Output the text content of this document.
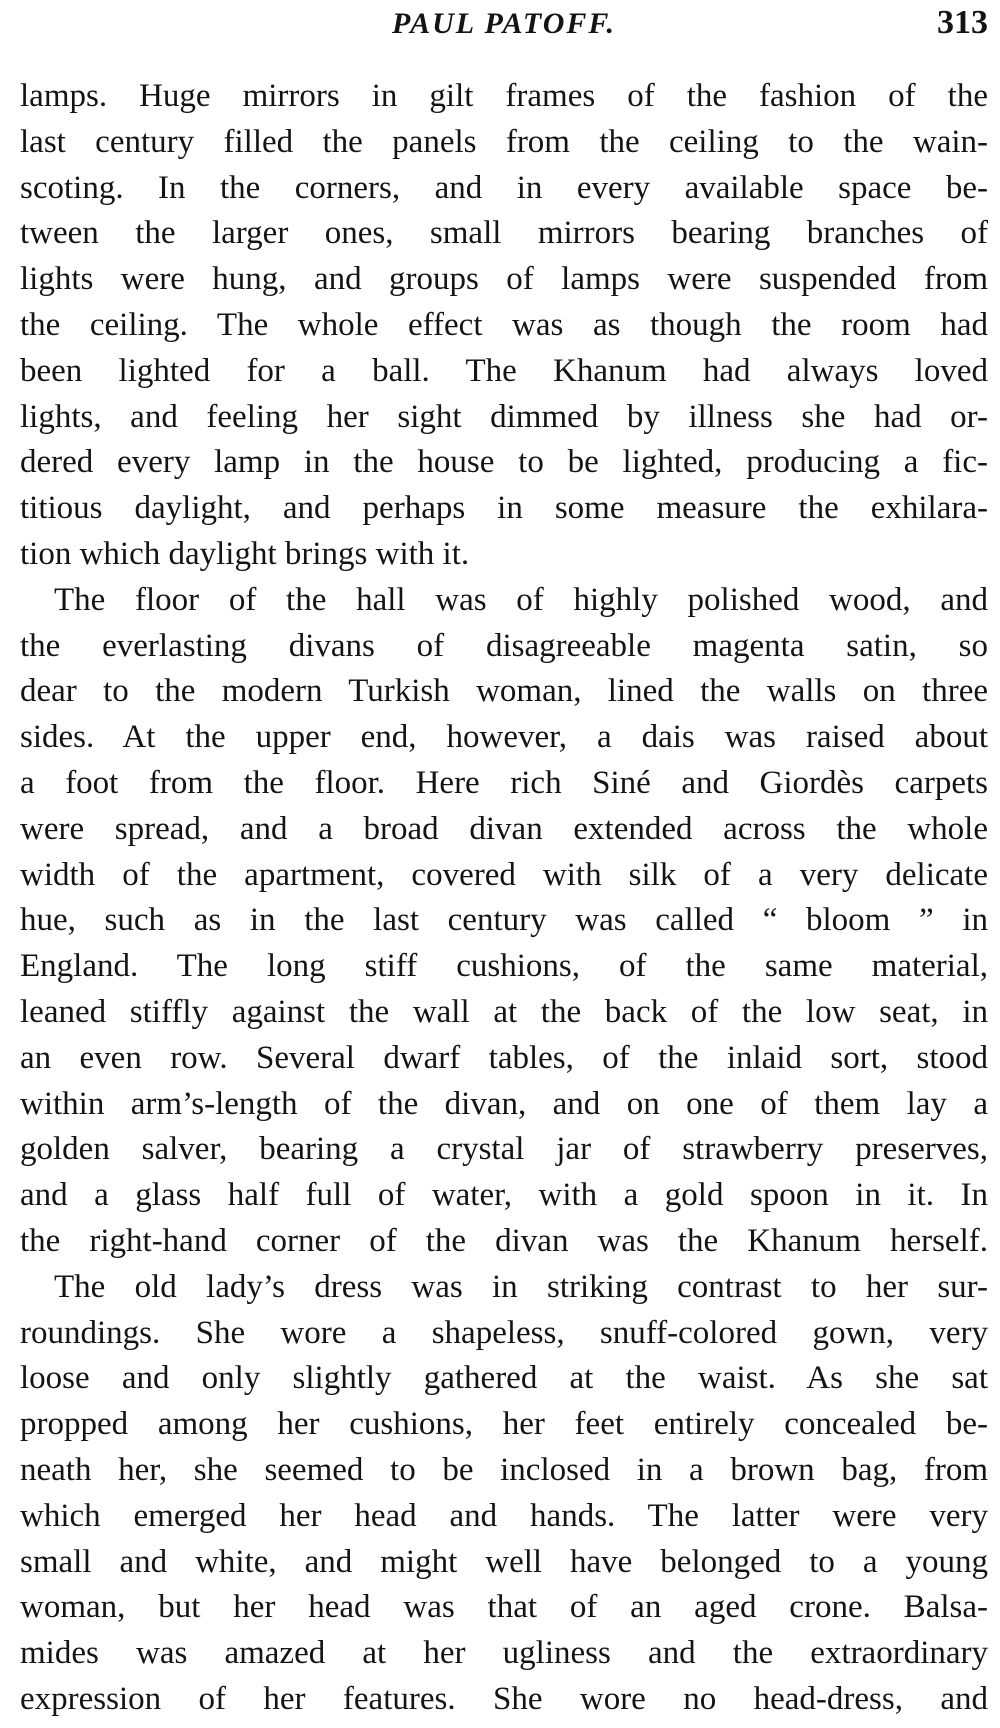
PAUL PATOFF.	313
lamps. Huge mirrors in gilt frames of the fashion of the
last century filled the panels from the ceiling to the wain-
scoting. In the corners, and in every available space be-
tween the larger ones, small mirrors bearing branches of
lights were hung, and groups of lamps were suspended from
the ceiling. The whole effect was as though the room had
been lighted for a ball. The Khanum had always loved
lights, and feeling her sight dimmed by illness she had or-
dered every lamp in the house to be lighted, producing a fic-
titious daylight, and perhaps in some measure the exhilara-
tion which daylight brings with it.
The floor of the hall was of highly polished wood, and
the everlasting divans of disagreeable magenta satin, so
dear to the modern Turkish woman, lined the walls on three
sides. At the upper end, however, a dais was raised about
a foot from the floor. Here rich Siné and Giordès carpets
were spread, and a broad divan extended across the whole
width of the apartment, covered with silk of a very delicate
hue, such as in the last century was called “ bloom ” in
England. The long stiff cushions, of the same material,
leaned stiffly against the wall at the back of the low seat, in
an even row. Several dwarf tables, of the inlaid sort, stood
within arm’s-length of the divan, and on one of them lay a
golden salver, bearing a crystal jar of strawberry preserves,
and a glass half full of water, with a gold spoon in it. In
the right-hand corner of the divan was the Khanum herself.
The old lady’s dress was in striking contrast to her sur-
roundings. She wore a shapeless, snuff-colored gown, very
loose and only slightly gathered at the waist. As she sat
propped among her cushions, her feet entirely concealed be-
neath her, she seemed to be inclosed in a brown bag, from
which emerged her head and hands. The latter were very
small and white, and might well have belonged to a young
woman, but her head was that of an aged crone. Balsa-
mides was amazed at her ugliness and the extraordinary
expression of her features. She wore no head-dress, and
